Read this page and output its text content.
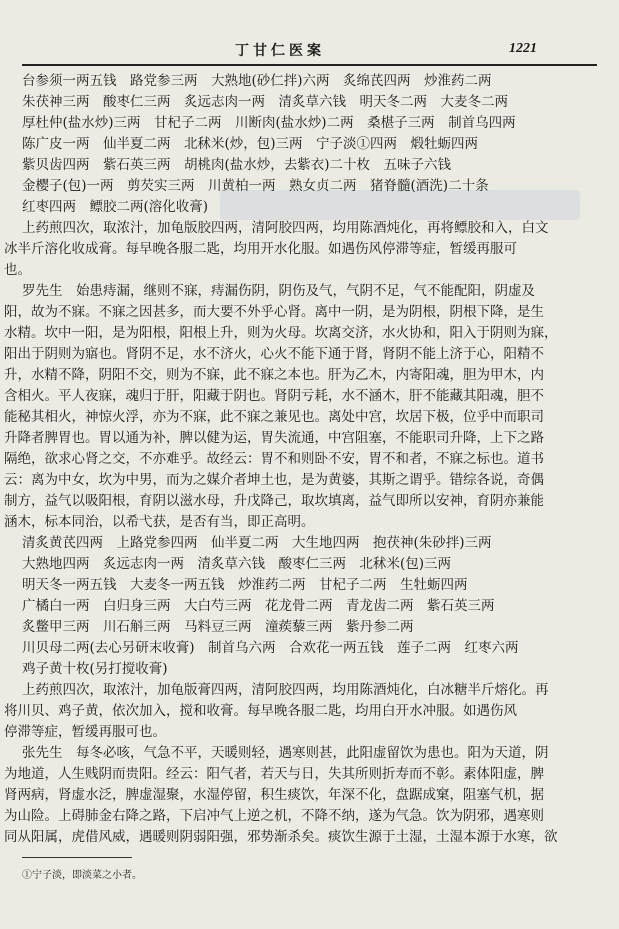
丁甘仁医案	1221
台参须一两五钱　路党参三两　大熟地(砂仁拌)六两　炙绵芪四两　炒淮药二两
朱茯神三两　酸枣仁三两　炙远志肉一两　清炙草六钱　明天冬二两　大麦冬二两
厚杜仲(盐水炒)三两　甘杞子二两　川断肉(盐水炒)二两　桑椹子三两　制首乌四两
陈广皮一两　仙半夏二两　北秫米(炒，包)三两　宁子淡①四两　煅牡蛎四两
紫贝齿四两　紫石英三两　胡桃肉(盐水炒，去紫衣)二十枚　五味子六钱
金樱子(包)一两　剪芡实三两　川黄柏一两　熟女贞二两　猪脊髓(酒洗)二十条
红枣四两　鳔胶二两(溶化收膏)
上药煎四次，取浓汁，加龟版胶四两，清阿胶四两，均用陈酒炖化，再将鳔胶和入，白文
冰半斤溶化收成膏。每早晚各服二匙，均用开水化服。如遇伤风停滞等症，暂缓再服可
也。
罗先生　始患痔漏，继则不寐，痔漏伤阴，阴伤及气，气阴不足，气不能配阳，阴虚及
阳，故为不寐。不寐之因甚多，而大要不外乎心肾。离中一阴，是为阴根，阴根下降，是生
水精。坎中一阳，是为阳根，阳根上升，则为火母。坎离交济，水火协和，阳入于阴则为寐，
阳出于阴则为寤也。肾阴不足，水不济火，心火不能下通于肾，肾阴不能上济于心，阳精不
升，水精不降，阴阳不交，则为不寐，此不寐之本也。肝为乙木，内寄阳魂，胆为甲木，内
含相火。平人夜寐，魂归于肝，阳藏于阴也。肾阴亏耗，水不涵木，肝不能藏其阳魂，胆不
能秘其相火，神惊火浮，亦为不寐，此不寐之兼见也。离处中宫，坎居下极，位乎中而职司
升降者脾胃也。胃以通为补，脾以健为运，胃失流通，中宫阻塞，不能职司升降，上下之路
隔绝，欲求心肾之交，不亦难乎。故经云：胃不和则卧不安，胃不和者，不寐之标也。道书
云：离为中女，坎为中男，而为之媒介者坤土也，是为黄婆，其斯之谓乎。错综各说，奇偶
制方，益气以吸阳根，育阴以滋水母，升戊降己，取坎填离，益气即所以安神，育阴亦兼能
涵木，标本同治，以希弋获，是否有当，即正高明。
清炙黄芪四两　上路党参四两　仙半夏二两　大生地四两　抱茯神(朱砂拌)三两
大熟地四两　炙远志肉一两　清炙草六钱　酸枣仁三两　北秫米(包)三两
明天冬一两五钱　大麦冬一两五钱　炒淮药二两　甘杞子二两　生牡蛎四两
广橘白一两　白归身三两　大白芍三两　花龙骨二两　青龙齿二两　紫石英三两
炙鳖甲三两　川石斛三两　马料豆三两　潼蒺藜三两　紫丹参二两
川贝母二两(去心另研末收膏)　制首乌六两　合欢花一两五钱　莲子二两　红枣六两
鸡子黄十枚(另打搅收膏)
上药煎四次，取浓汁，加龟版膏四两，清阿胶四两，均用陈酒炖化，白冰糖半斤熔化。再
将川贝、鸡子黄，依次加入，搅和收膏。每早晚各服二匙，均用白开水冲服。如遇伤风
停滞等症，暂缓再服可也。
张先生　每冬必咳，气急不平，天暖则轻，遇寒则甚，此阳虚留饮为患也。阳为天道，阴
为地道，人生贱阴而贵阳。经云：阳气者，若天与日，失其所则折寿而不彰。素体阳虚，脾
肾两病，肾虚水泛，脾虚湿聚，水湿停留，积生痰饮，年深不化，盘踞成窠，阻塞气机，据
为山险。上碍肺金右降之路，下启冲气上逆之机，不降不纳，遂为气急。饮为阴邪，遇寒则
同从阳属，虎借风威，遇暖则阴弱阳强，邪势渐杀矣。痰饮生源于土湿，土湿本源于水寒，欲
①宁子淡，即淡菜之小者。
